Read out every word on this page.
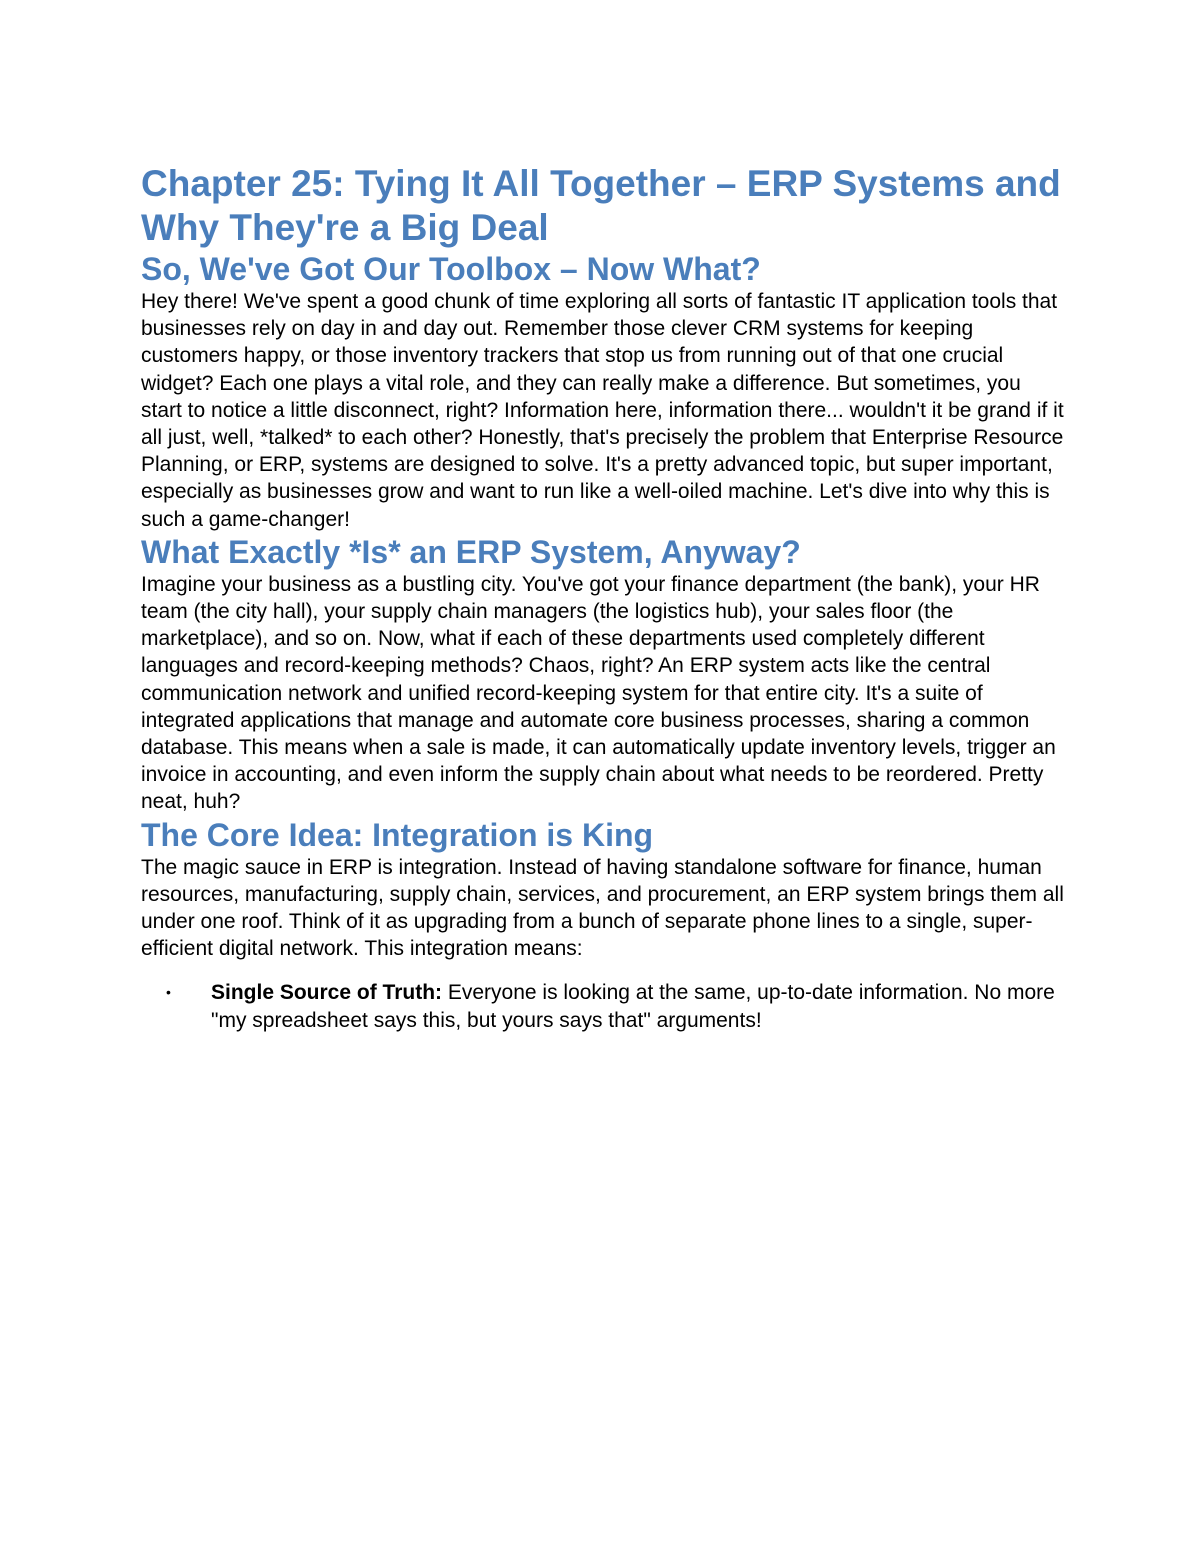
Chapter 25: Tying It All Together – ERP Systems and Why They're a Big Deal
So, We've Got Our Toolbox – Now What?

Hey there! We've spent a good chunk of time exploring all sorts of fantastic IT application tools that businesses rely on day in and day out. Remember those clever CRM systems for keeping customers happy, or those inventory trackers that stop us from running out of that one crucial widget? Each one plays a vital role, and they can really make a difference. But sometimes, you start to notice a little disconnect, right? Information here, information there... wouldn't it be grand if it all just, well, *talked* to each other? Honestly, that's precisely the problem that Enterprise Resource Planning, or ERP, systems are designed to solve. It's a pretty advanced topic, but super important, especially as businesses grow and want to run like a well-oiled machine. Let's dive into why this is such a game-changer!

What Exactly *Is* an ERP System, Anyway?

Imagine your business as a bustling city. You've got your finance department (the bank), your HR team (the city hall), your supply chain managers (the logistics hub), your sales floor (the marketplace), and so on. Now, what if each of these departments used completely different languages and record-keeping methods? Chaos, right? An ERP system acts like the central communication network and unified record-keeping system for that entire city. It's a suite of integrated applications that manage and automate core business processes, sharing a common database. This means when a sale is made, it can automatically update inventory levels, trigger an invoice in accounting, and even inform the supply chain about what needs to be reordered. Pretty neat, huh?

The Core Idea: Integration is King

The magic sauce in ERP is integration. Instead of having standalone software for finance, human resources, manufacturing, supply chain, services, and procurement, an ERP system brings them all under one roof. Think of it as upgrading from a bunch of separate phone lines to a single, super-efficient digital network. This integration means:

• Single Source of Truth: Everyone is looking at the same, up-to-date information. No more "my spreadsheet says this, but yours says that" arguments!
